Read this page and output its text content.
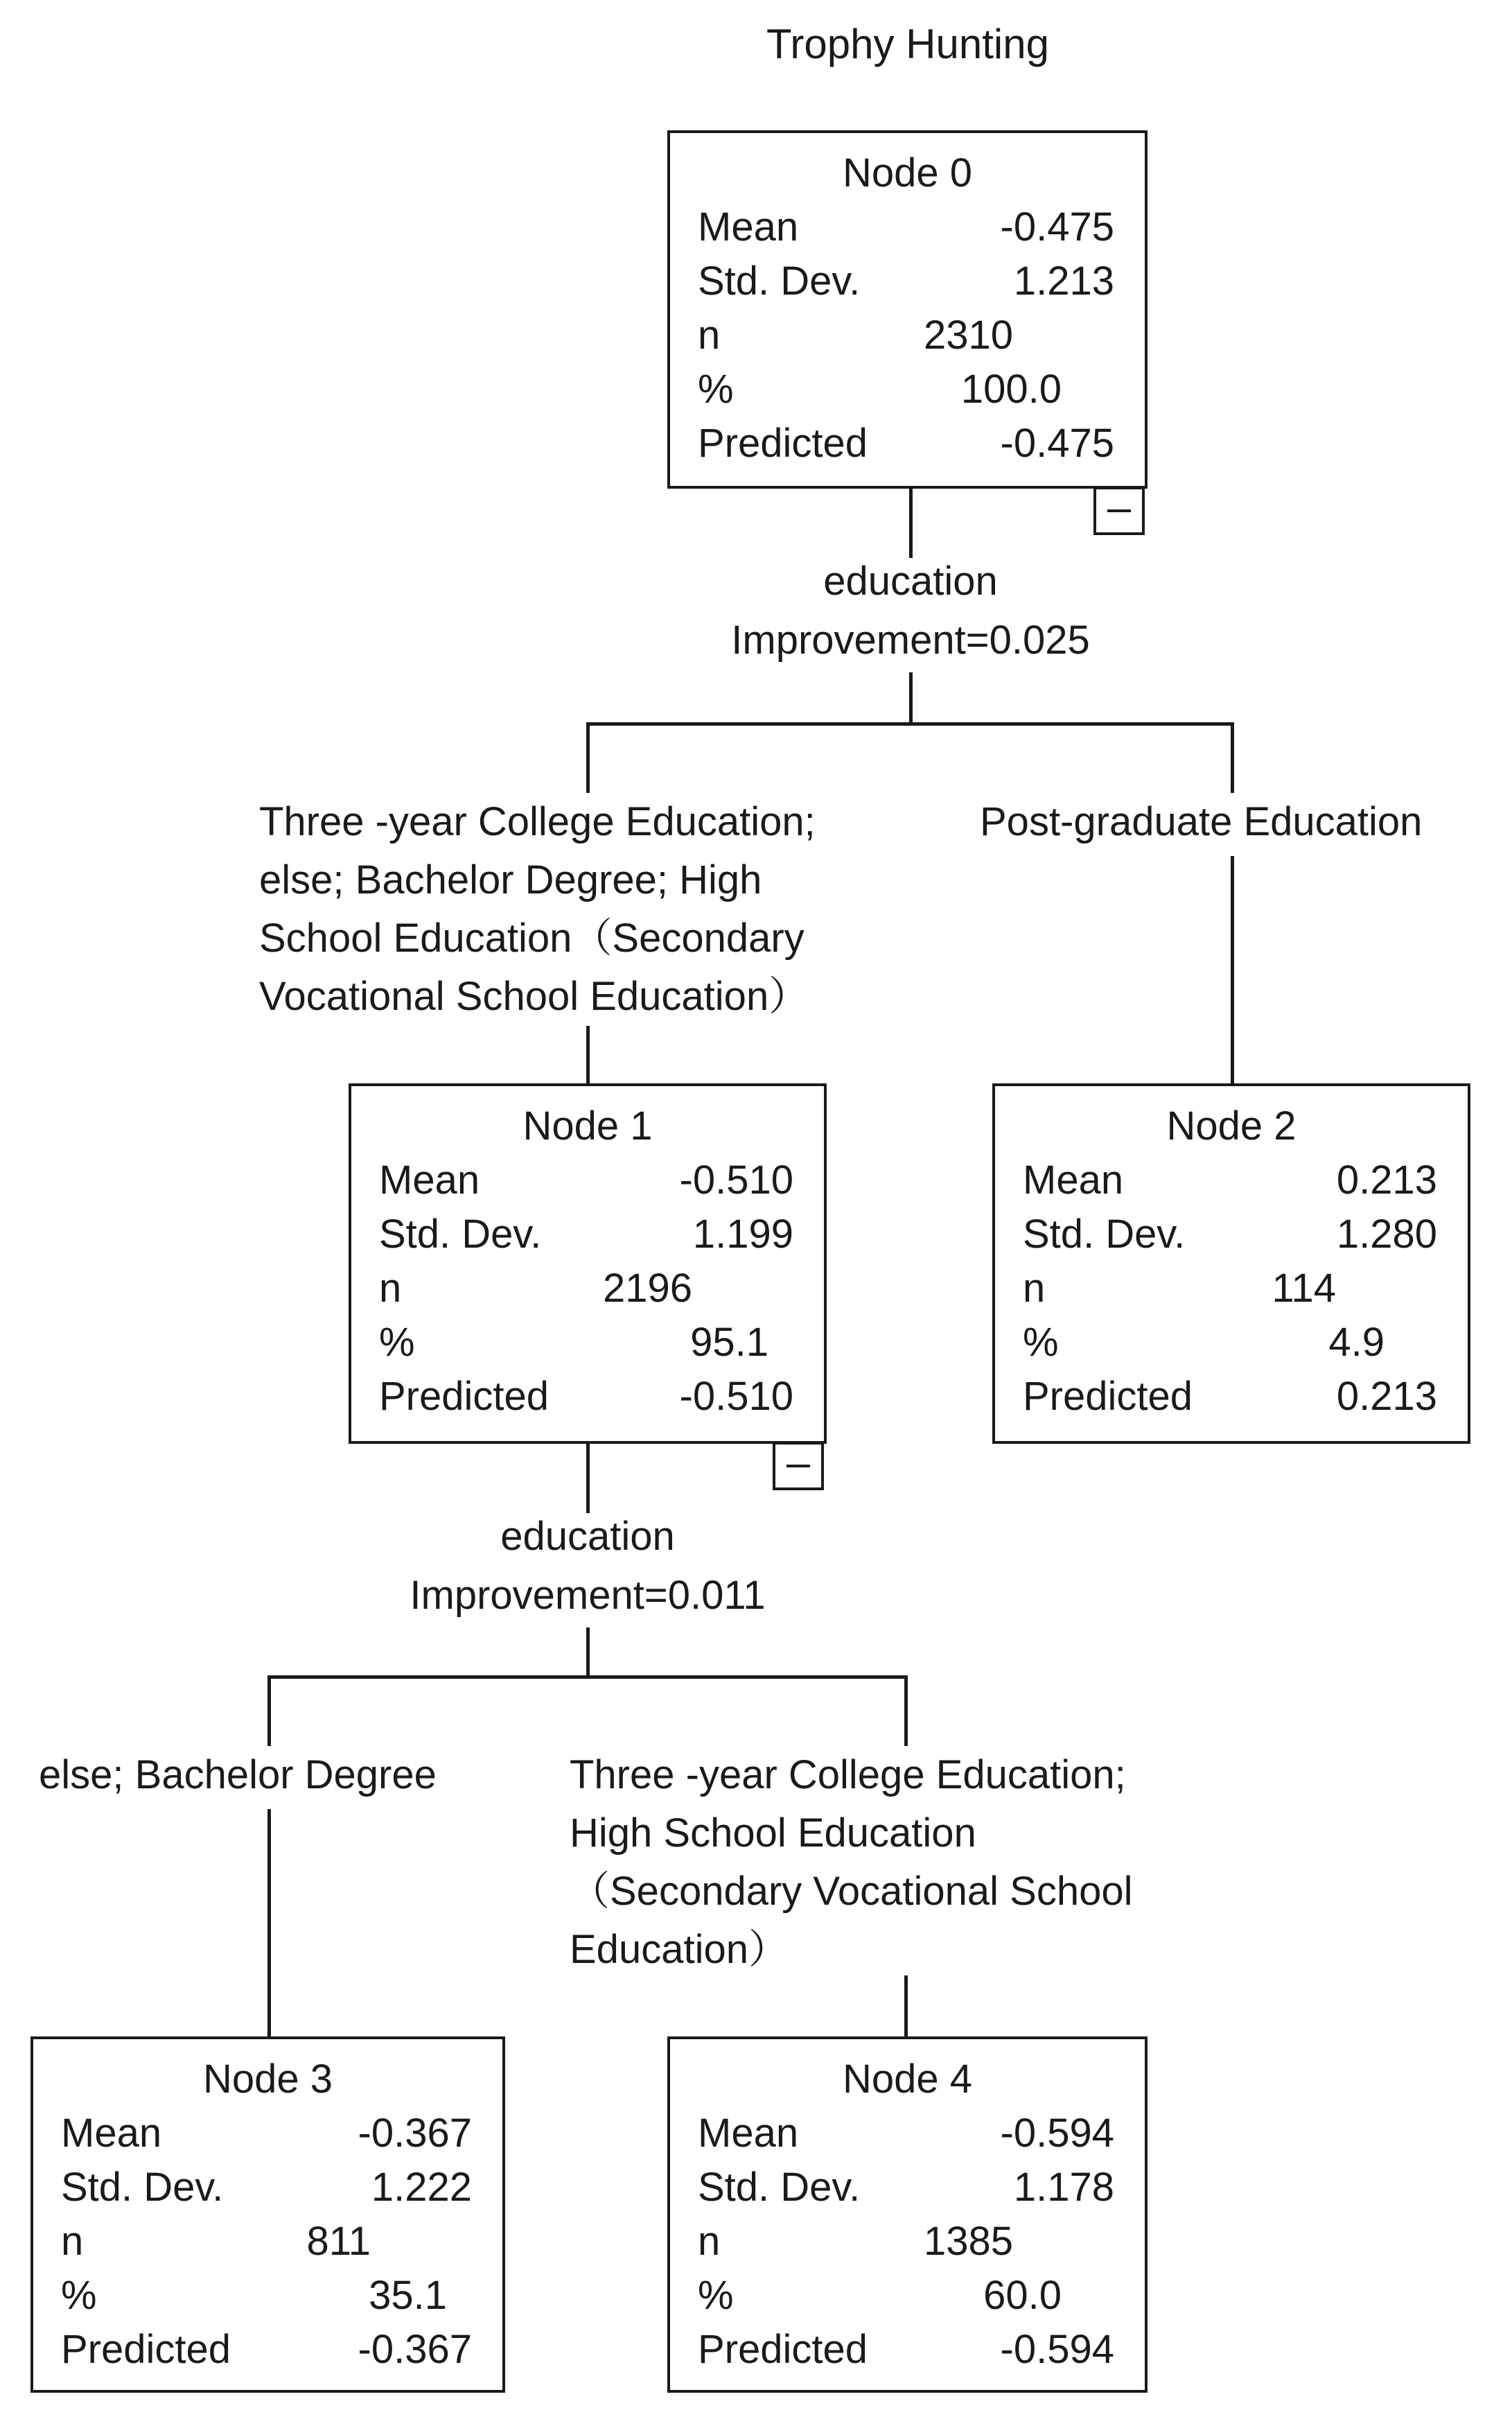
Trophy Hunting
Node 0
Mean	-0.475
Std. Dev.	1.213
n	2310
%	100.0
Predicted	-0.475
education
Improvement=0.025
Three -year College Education;
else; Bachelor Degree; High
School Education（Secondary
Vocational School Education）
Post-graduate Education
Node 1
Mean	-0.510
Std. Dev.	1.199
n	2196
%	95.1
Predicted	-0.510
Node 2
Mean	0.213
Std. Dev.	1.280
n	114
%	4.9
Predicted	0.213
education
Improvement=0.011
else; Bachelor Degree	Three -year College Education;
High School Education
（Secondary Vocational School
Education）
Node 3
Mean	-0.367
Std. Dev.	1.222
n	811
%	35.1
Predicted	-0.367
Node 4
Mean	-0.594
Std. Dev.	1.178
n	1385
%	60.0
Predicted	-0.594
